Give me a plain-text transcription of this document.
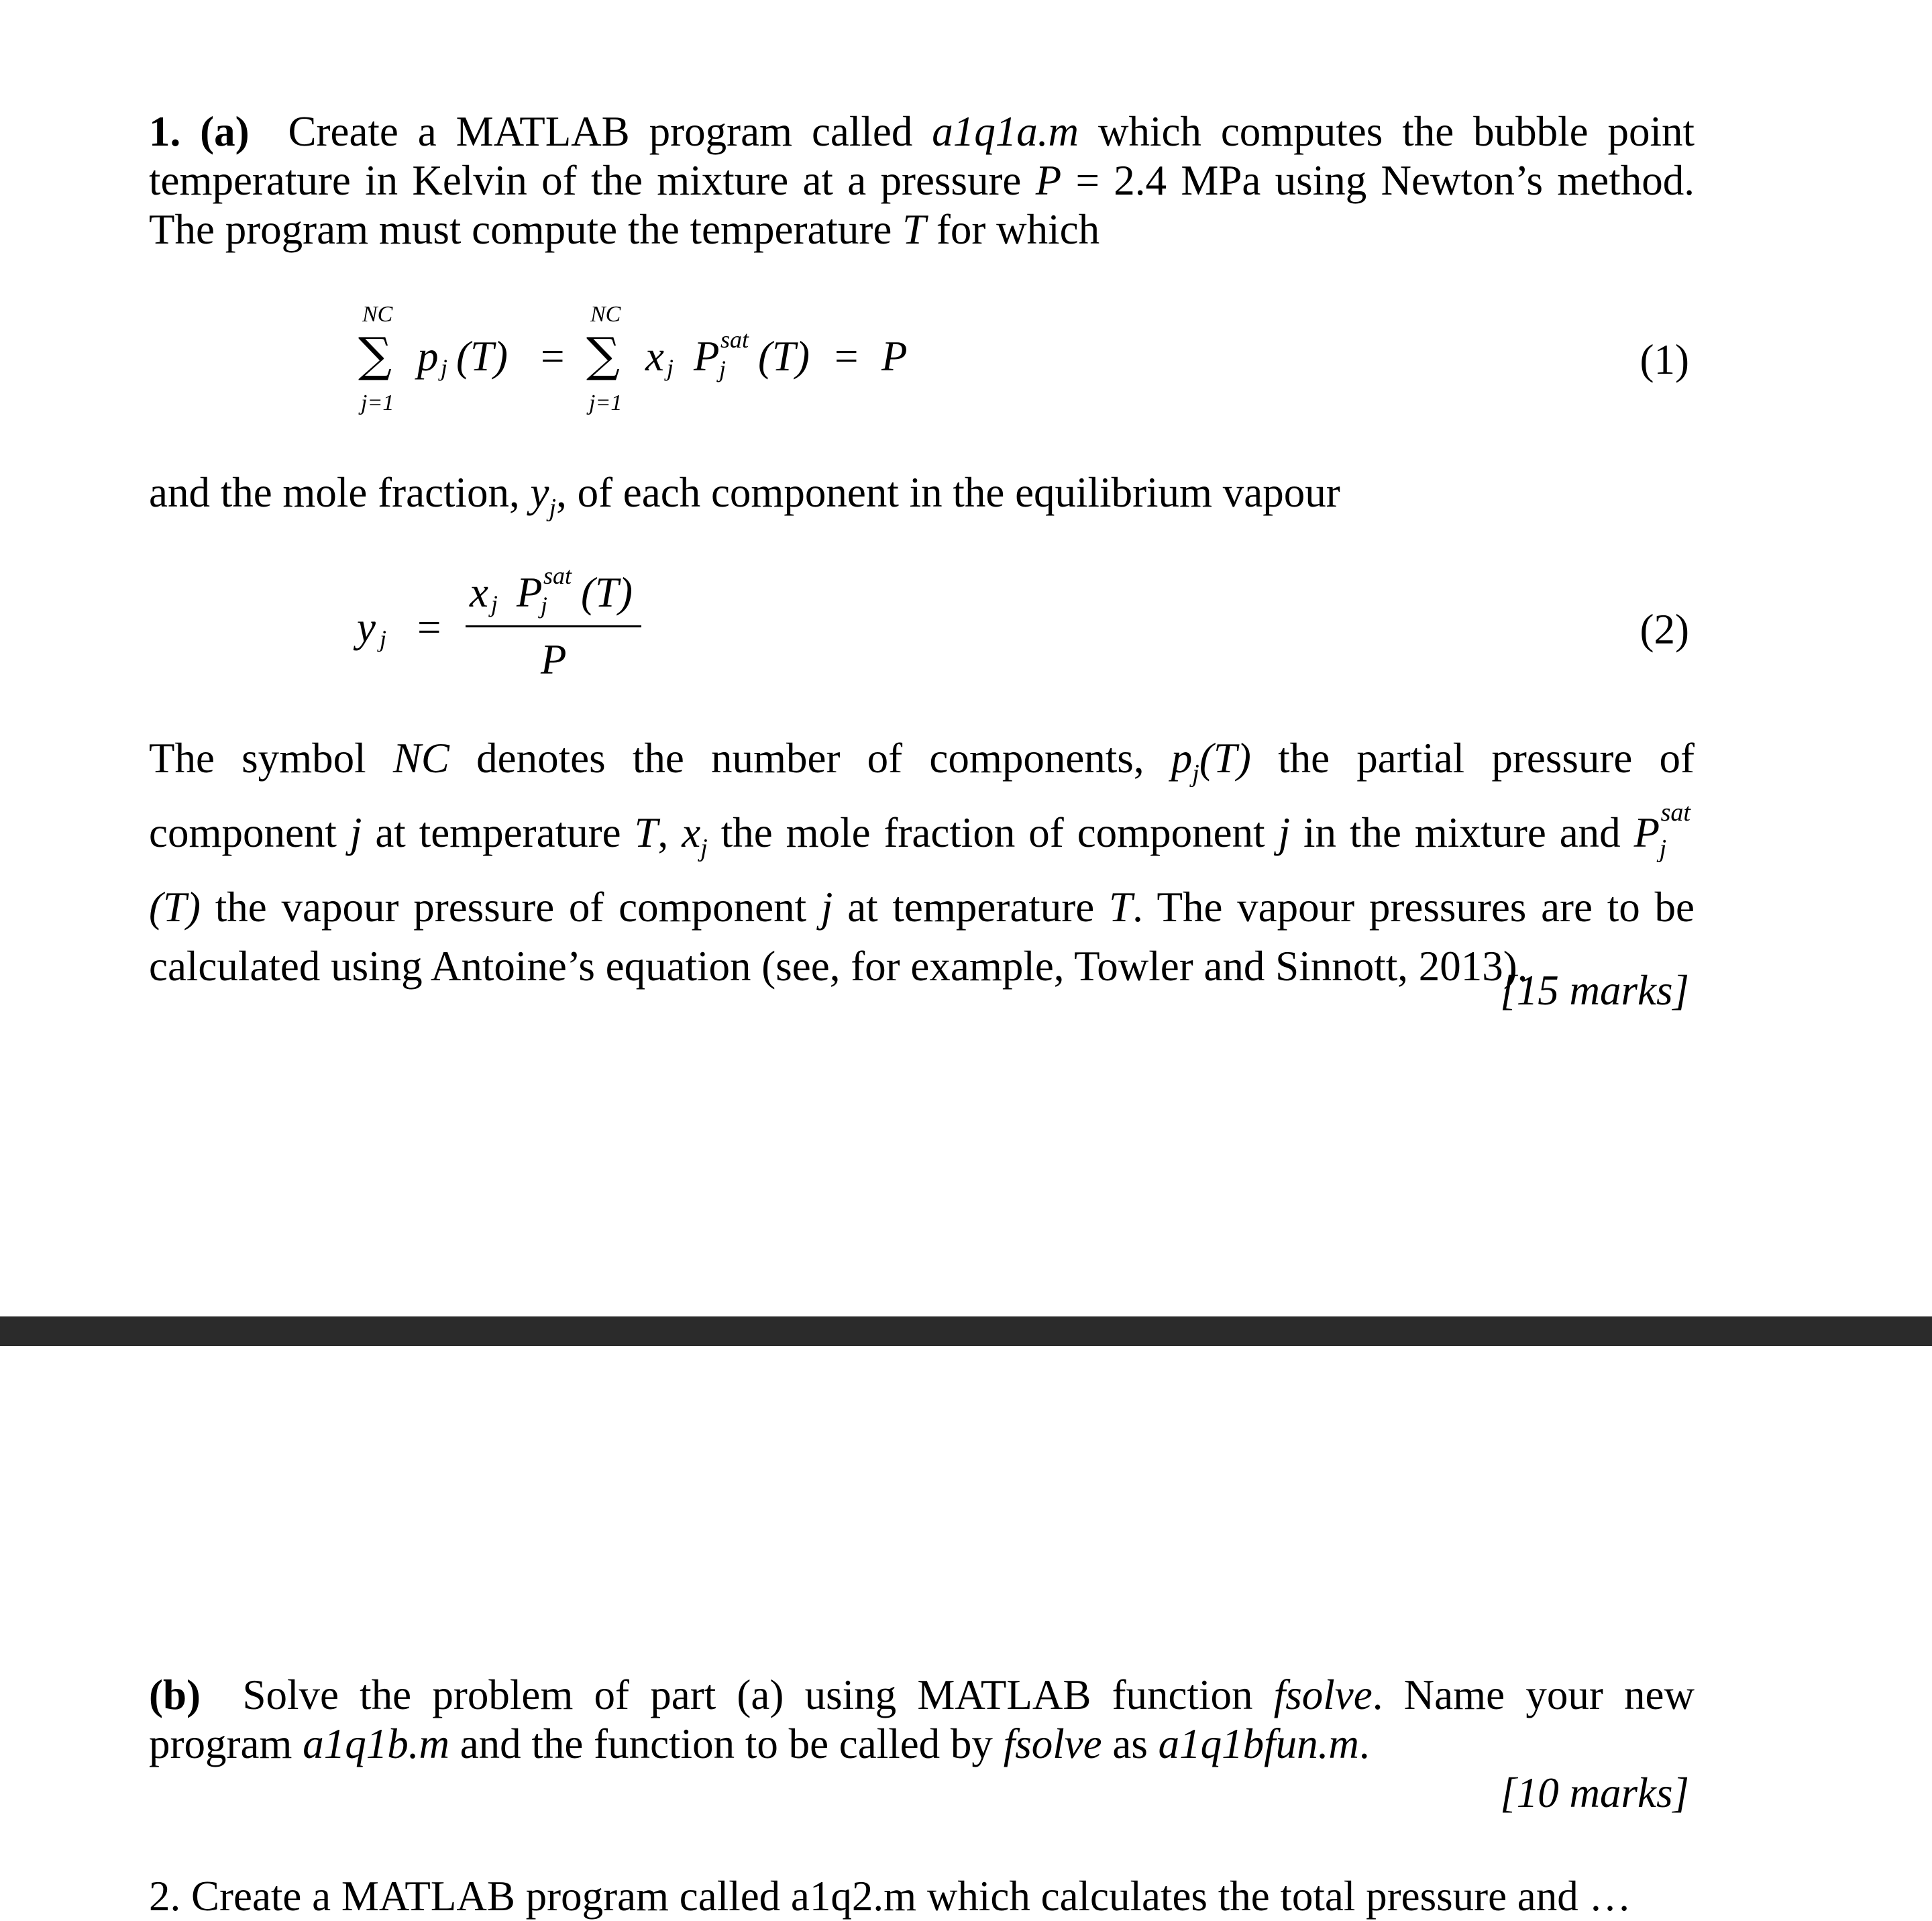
1. (a) Create a MATLAB program called a1q1a.m which computes the bubble point temperature in Kelvin of the mixture at a pressure P = 2.4 MPa using Newton’s method. The program must compute the temperature T for which
NC
∑
j=1
p j (T) =
NC
∑
j=1
x j P sat
j (T) = P	(1)
and the mole fraction, $y_j$, of each component in the equilibrium vapour
y j =
x j P sat
j (T)
P
(2)
The symbol NC denotes the number of components, $p_j(T)$ the partial pressure of component j at temperature T, $x_j$ the mole fraction of component j in the mixture and P sat
j
(T) the vapour pressure of component j at temperature T. The vapour pressures are to be calculated using Antoine’s equation (see, for example, Towler and Sinnott, 2013).
[15 marks]
(b) Solve the problem of part (a) using MATLAB function fsolve. Name your new program a1q1b.m and the function to be called by fsolve as a1q1bfun.m.
[10 marks]
2. Create a MATLAB program called a1q2.m which calculates the total pressure and …
